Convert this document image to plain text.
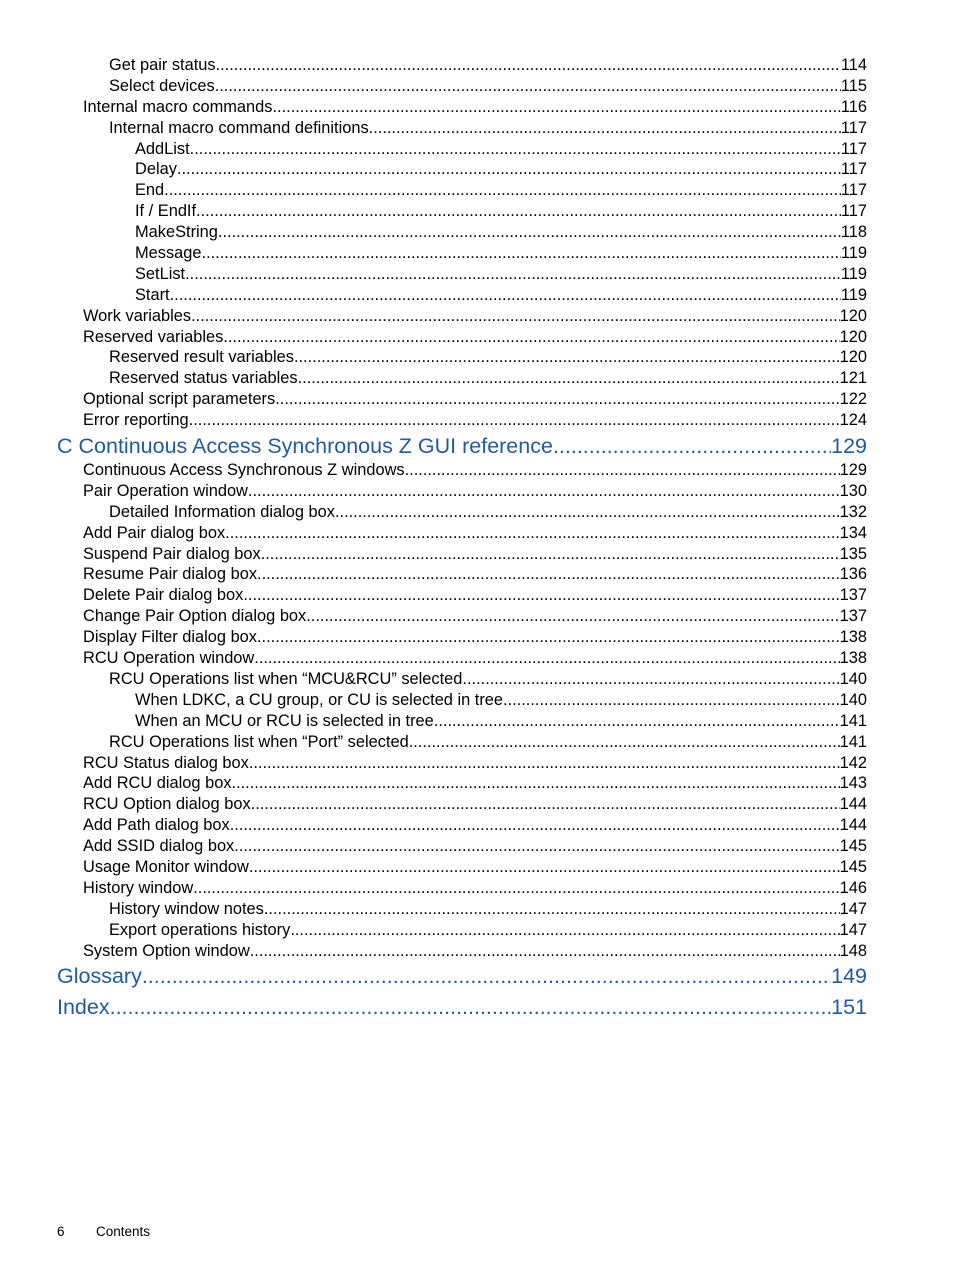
Get pair status .....	114
Select devices .....	115
Internal macro commands .....	116
Internal macro command definitions .....	117
AddList .....	117
Delay .....	117
End .....	117
If / EndIf .....	117
MakeString .....	118
Message .....	119
SetList .....	119
Start .....	119
Work variables .....	120
Reserved variables .....	120
Reserved result variables .....	120
Reserved status variables .....	121
Optional script parameters .....	122
Error reporting .....	124
C Continuous Access Synchronous Z GUI reference .....	129
Continuous Access Synchronous Z windows .....	129
Pair Operation window .....	130
Detailed Information dialog box .....	132
Add Pair dialog box .....	134
Suspend Pair dialog box .....	135
Resume Pair dialog box .....	136
Delete Pair dialog box .....	137
Change Pair Option dialog box .....	137
Display Filter dialog box .....	138
RCU Operation window .....	138
RCU Operations list when “MCU&RCU” selected .....	140
When LDKC, a CU group, or CU is selected in tree .....	140
When an MCU or RCU is selected in tree .....	141
RCU Operations list when “Port” selected .....	141
RCU Status dialog box .....	142
Add RCU dialog box .....	143
RCU Option dialog box .....	144
Add Path dialog box .....	144
Add SSID dialog box .....	145
Usage Monitor window .....	145
History window .....	146
History window notes .....	147
Export operations history .....	147
System Option window .....	148
Glossary .....	149
Index .....	151
6	Contents
